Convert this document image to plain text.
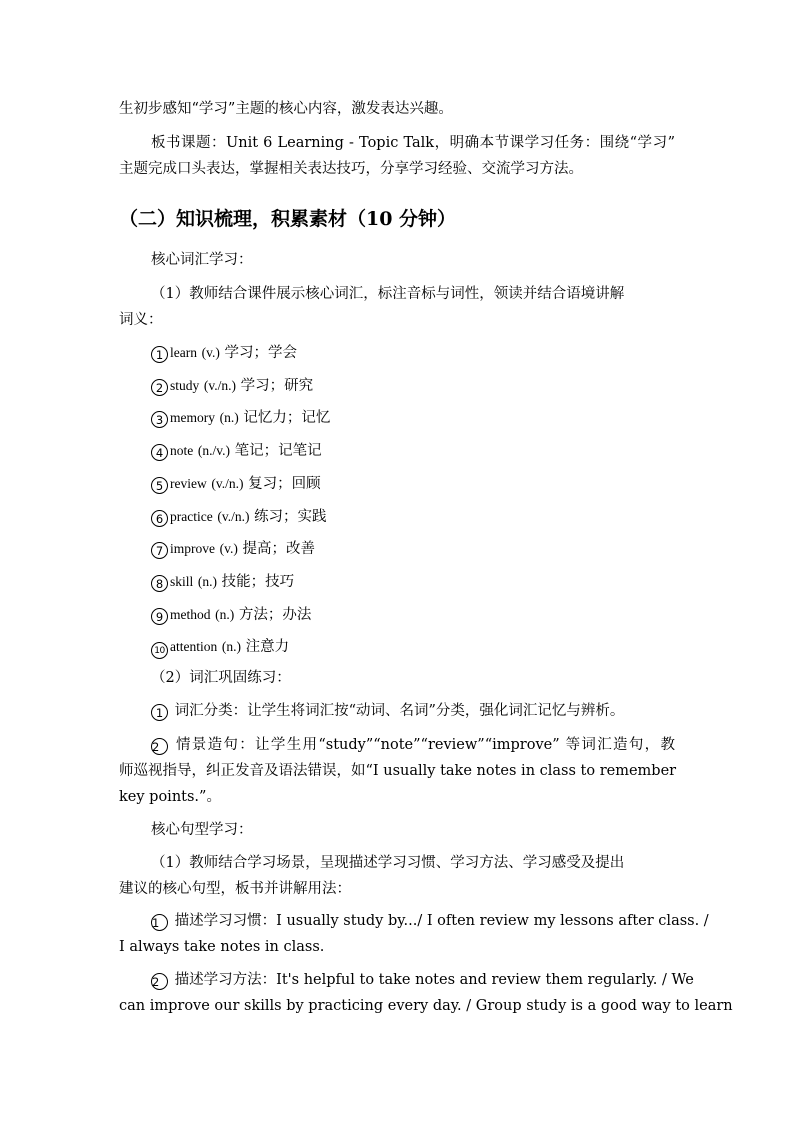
生初步感知“学习”主题的核心内容，激发表达兴趣。
板书课题：Unit 6 Learning - Topic Talk，明确本节课学习任务：围绕“学习”
主题完成口头表达，掌握相关表达技巧，分享学习经验、交流学习方法。
（二）知识梳理，积累素材（10 分钟）
核心词汇学习：
（1）教师结合课件展示核心词汇，标注音标与词性，领读并结合语境讲解
词义：
1 learn (v.) 学习；学会
2 study (v./n.) 学习；研究
3 memory (n.) 记忆力；记忆
4 note (n./v.) 笔记；记笔记
5 review (v./n.) 复习；回顾
6 practice (v./n.) 练习；实践
7 improve (v.) 提高；改善
8 skill (n.) 技能；技巧
9 method (n.) 方法；办法
10 attention (n.) 注意力
（2）词汇巩固练习：
1 词汇分类：让学生将词汇按“动词、名词”分类，强化词汇记忆与辨析。
2 情景造句：让学生用“study”“note”“review”“improve” 等词汇造句，教
师巡视指导，纠正发音及语法错误，如“I usually take notes in class to remember
key points.”。
核心句型学习：
（1）教师结合学习场景，呈现描述学习习惯、学习方法、学习感受及提出
建议的核心句型，板书并讲解用法：
1 描述学习习惯：I usually study by.../ I often review my lessons after class. /
I always take notes in class.
2 描述学习方法：It's helpful to take notes and review them regularly. / We
can improve our skills by practicing every day. / Group study is a good way to learn
